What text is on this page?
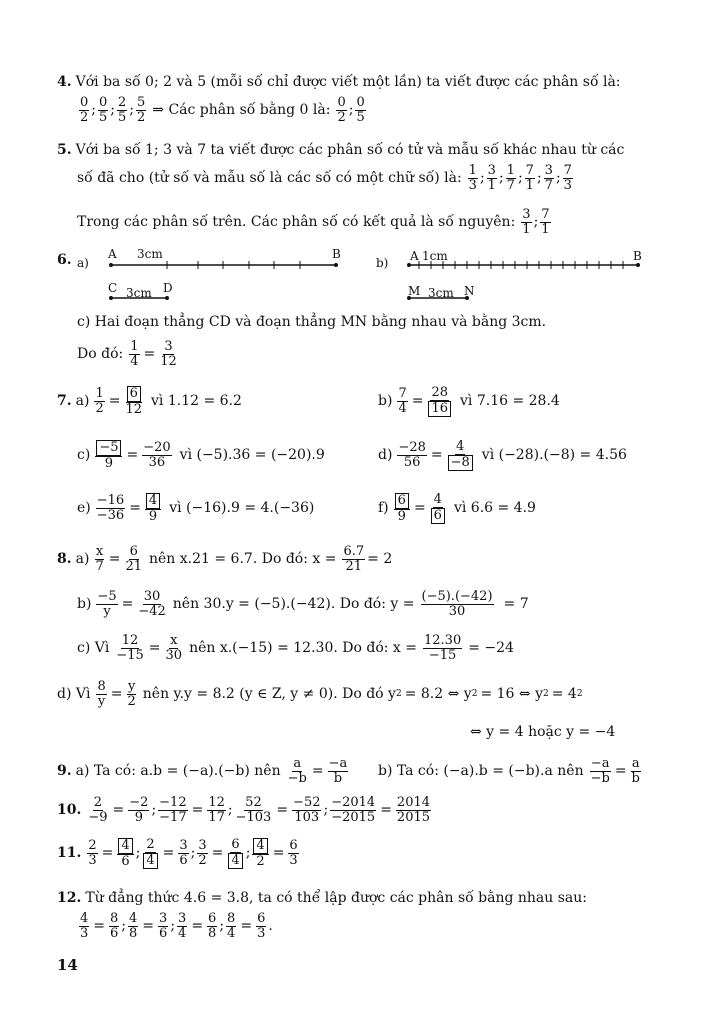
4. Với ba số 0; 2 và 5 (mỗi số chỉ được viết một lần) ta viết được các phân số là:
0
2 ; 0
5 ; 2
5 ; 5
2 ⇒ Các phân số bằng 0 là: 0
2 ; 0
5
5. Với ba số 1; 3 và 7 ta viết được các phân số có tử và mẫu số khác nhau từ các
số đã cho (tử số và mẫu số là các số có một chữ số) là: 1
3 ; 3
1 ; 1
7 ; 7
1 ; 3
7 ; 7
3
Trong các phân số trên. Các phân số có kết quả là số nguyên: 3
1 ; 7
1
6. a)
A 3cm	B
b) A 1cm	B
C 3cm D	M 3cm N
c) Hai đoạn thẳng CD và đoạn thẳng MN bằng nhau và bằng 3cm.
Do đó: $\frac{1}{4} = \frac{3}{12}$
7. $a) \frac{1}{2} = \frac{6}{12}$ vì 1.12 = 6.2	$b) \frac{7}{4} = \frac{28}{16}$ vì 7.16 = 28.4
$c) \frac{-5}{9} = \frac{-20}{36}$ vì (−5).36 = (−20).9	$d) \frac{-28}{56} = \frac{4}{-8}$ vì (−28).(−8) = 4.56
$e) \frac{-16}{-36} = \frac{4}{9}$ vì (−16).9 = 4.(−36)	$f) \frac{6}{9} = \frac{4}{6}$ vì 6.6 = 4.9
8. $a) \frac{x}{7} = \frac{6}{21}$ nên x.21 = 6.7. Do đó: $x = \frac{6.7}{21} = 2$
$b) \frac{-5}{y} = \frac{30}{-42}$ nên 30.y = (−5).(−42). Do đó: $y = \frac{(-5).(-42)}{30} = 7$
c) Vì $\frac{12}{-15} = \frac{x}{30}$ nên x.(−15) = 12.30. Do đó: $x = \frac{12.30}{-15} = -24$
d) Vì $\frac{8}{y} = \frac{y}{2}$ nên y.y = 8.2 (y ∈ Z, y ≠ 0). Do đó y 2 = 8.2 ⇔ y 2 = 16 ⇔ y 2 = 4 2
⇔ y = 4 hoặc y = −4
9. a) Ta có: a.b = (−a).(−b) nên $\frac{a}{-b} = \frac{-a}{b} b$) Ta có: (−a).b = (−b).a nên $\frac{-a}{-b} = \frac{a}{b}$
10. $\frac{2}{-9} = \frac{-2}{9}$ ; $\frac{-12}{-17} = \frac{12}{17}$ ; $\frac{52}{-103} = \frac{-52}{103}$ ; $\frac{-2014}{-2015} = \frac{2014}{2015}$
11. $\frac{2}{3} = \frac{4}{6}$ ; $\frac{2}{4} = \frac{3}{6}$ ; $\frac{3}{2} = \frac{6}{4}$ ; $\frac{4}{2} = \frac{6}{3}$
12. Từ đẳng thức 4.6 = 3.8, ta có thể lập được các phân số bằng nhau sau:
$\frac{4}{3} = \frac{8}{6}$ ; $\frac{4}{8} = \frac{3}{6}$ ; $\frac{3}{4} = \frac{6}{8}$ ; $\frac{8}{4} = \frac{6}{3}$ .
14
